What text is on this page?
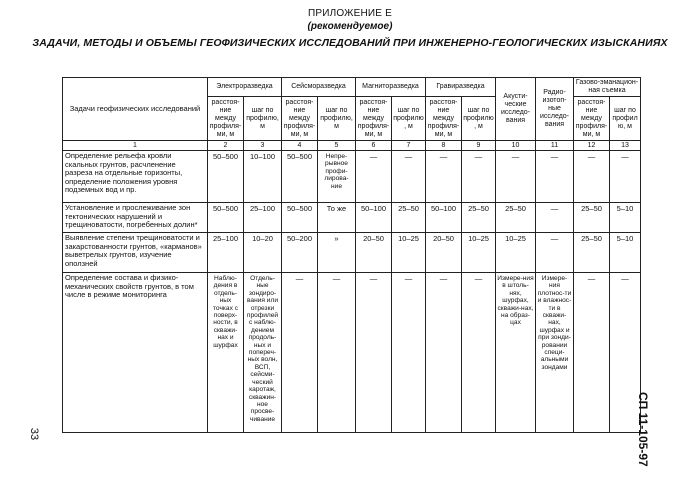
ПРИЛОЖЕНИЕ Е
(рекомендуемое)
ЗАДАЧИ, МЕТОДЫ И ОБЪЕМЫ ГЕОФИЗИЧЕСКИХ ИССЛЕДОВАНИЙ ПРИ ИНЖЕНЕРНО-ГЕОЛОГИЧЕСКИХ ИЗЫСКАНИЯХ
Задачи геофизических исследований	Электроразведка		Сейсморазведка		Магниторазведка		Гравиразведка		Акусти-ческие исследо-вания	Радио-изотоп-ные исследо-вания	Газово-эманацион-ная съемка	
	расстоя-ние между профиля-ми, м	шаг по профилю, м	расстоя-ние между профиля-ми, м	шаг по профилю, м	расстоя-ние между профиля-ми, м	шаг по профилю, м	расстоя-ние между профиля-ми, м	шаг по профилю, м			расстоя-ние между профиля-ми, м	шаг по профилю, м
1	2	3	4	5	6	7	8	9	10	11	12	13
Определение рельефа кровли скальных грунтов, расчленение разреза на отдельные горизонты, определение положения уровня подземных вод и пр.	50–500	10–100	50–500	Непре-рывное профи-лирова-ние	—	—	—	—	—	—	—	—
Установление и прослеживание зон тектонических нарушений и трещиноватости, погребенных долин*	50–500	25–100	50–500	То же	50–100	25–50	50–100	25–50	25–50	—	25–50	5–10
Выявление степени трещиноватости и закарстованности грунтов, «карманов» выветрелых грунтов, изучение оползней	25–100	10–20	50–200	»	20–50	10–25	20–50	10–25	10–25	—	25–50	5–10
Определение состава и физико-механических свойств грунтов, в том числе в режиме мониторинга	Наблю-дения в отдель-ных точках с поверх-ности, в скважи-нах и шурфах	Отдель-ные зондиро-вания или отрезки профилей с наблю-дением продоль-ных и попереч-ных волн, ВСП, сейсми-ческий каротаж, скважин-ное просве-чивание	—	—	—	—	—	—	Измере-ния в штоль-нях, шурфах, скважи-нах, на образ-цах	Измере-ния плотнос-ти и влажнос-ти в скважи-нах, шурфах и при зонди-ровании специ-альными зондами	—	—
33	СП 11-105-97
